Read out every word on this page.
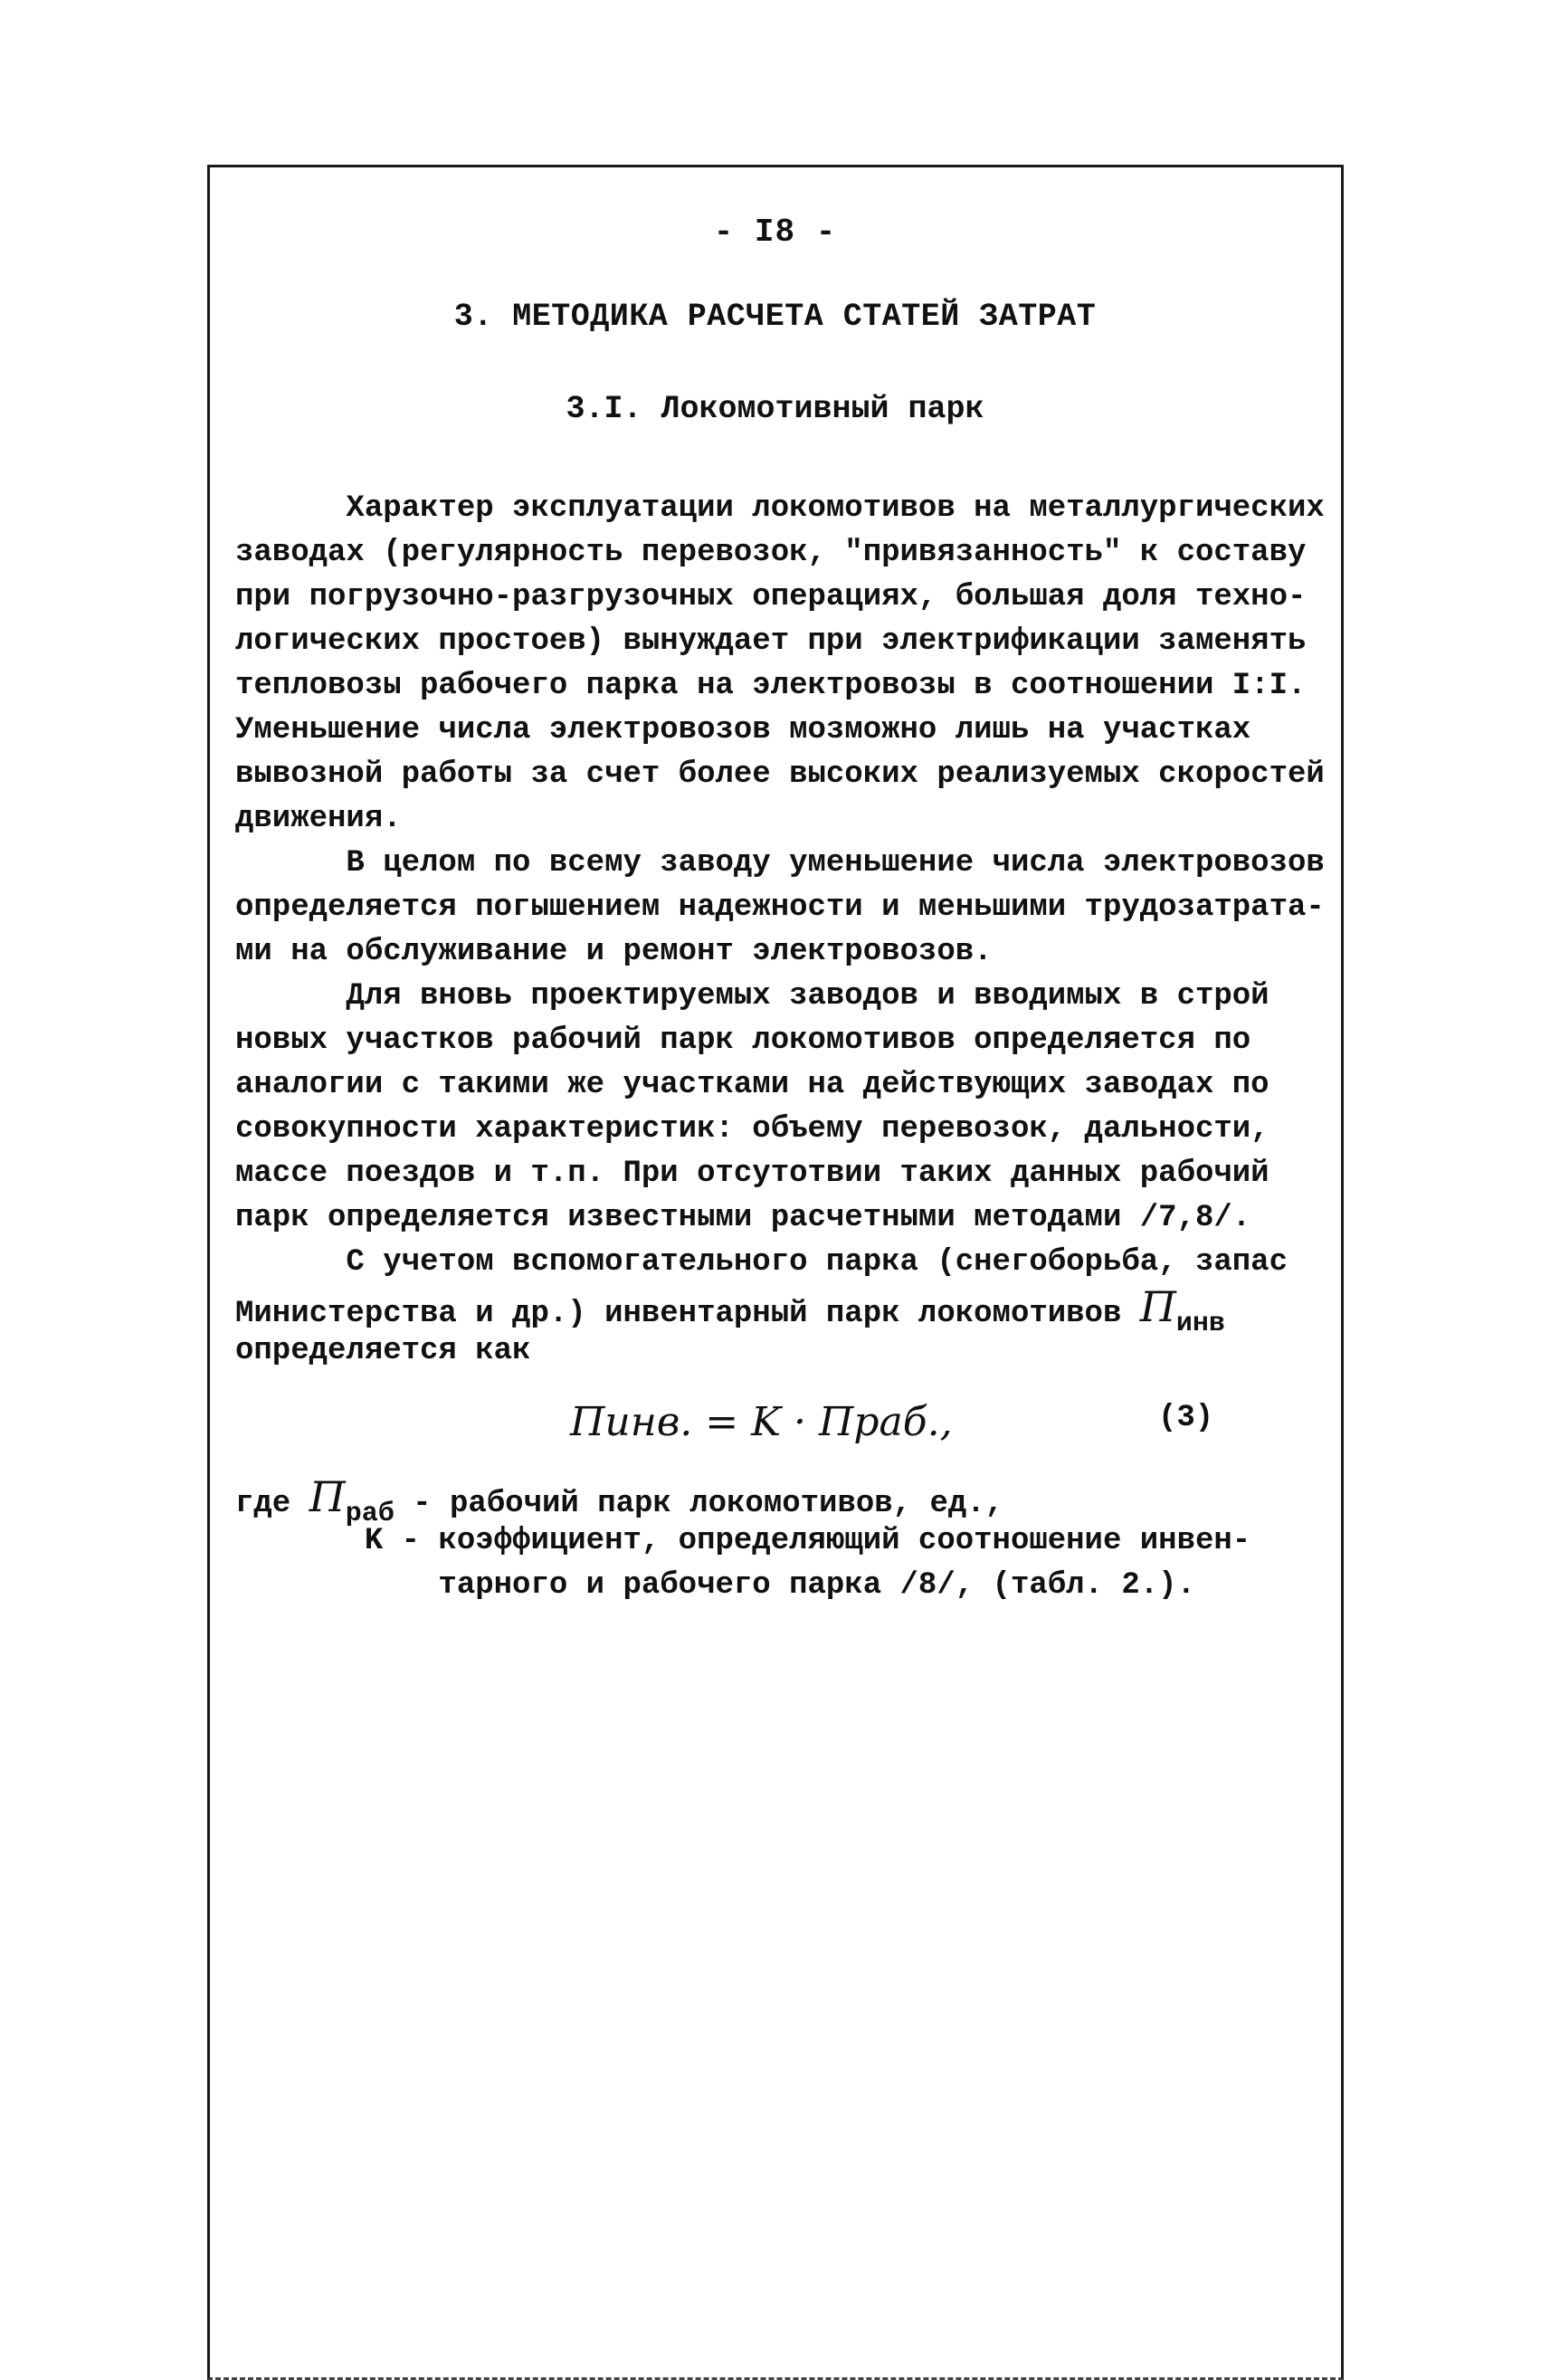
- I8 -
3. МЕТОДИКА РАСЧЕТА СТАТЕЙ ЗАТРАТ
3.I. Локомотивный парк
Характер эксплуатации локомотивов на металлургических
заводах (регулярность перевозок, "привязанность" к составу
при погрузочно-разгрузочных операциях, большая доля техно-
логических простоев) вынуждает при электрификации заменять
тепловозы рабочего парка на электровозы в соотношении I:I.
Уменьшение числа электровозов мозможно лишь на участках
вывозной работы за счет более высоких реализуемых скоростей
движения.
В целом по всему заводу уменьшение числа электровозов
определяется погышением надежности и меньшими трудозатрата-
ми на обслуживание и ремонт электровозов.
Для вновь проектируемых заводов и вводимых в строй
новых участков рабочий парк локомотивов определяется по
аналогии с такими же участками на действующих заводах по
совокупности характеристик: объему перевозок, дальности,
массе поездов и т.п. При отсутотвии таких данных рабочий
парк определяется известными расчетными методами /7,8/.
С учетом вспомогательного парка (снегоборьба, запас
Министерства и др.) инвентарный парк локомотивов Пинв
определяется как
Пинв. = K · Праб.,	(3)
где Праб - рабочий парк локомотивов, ед.,
K - коэффициент, определяющий соотношение инвен-
тарного и рабочего парка /8/, (табл. 2.).
